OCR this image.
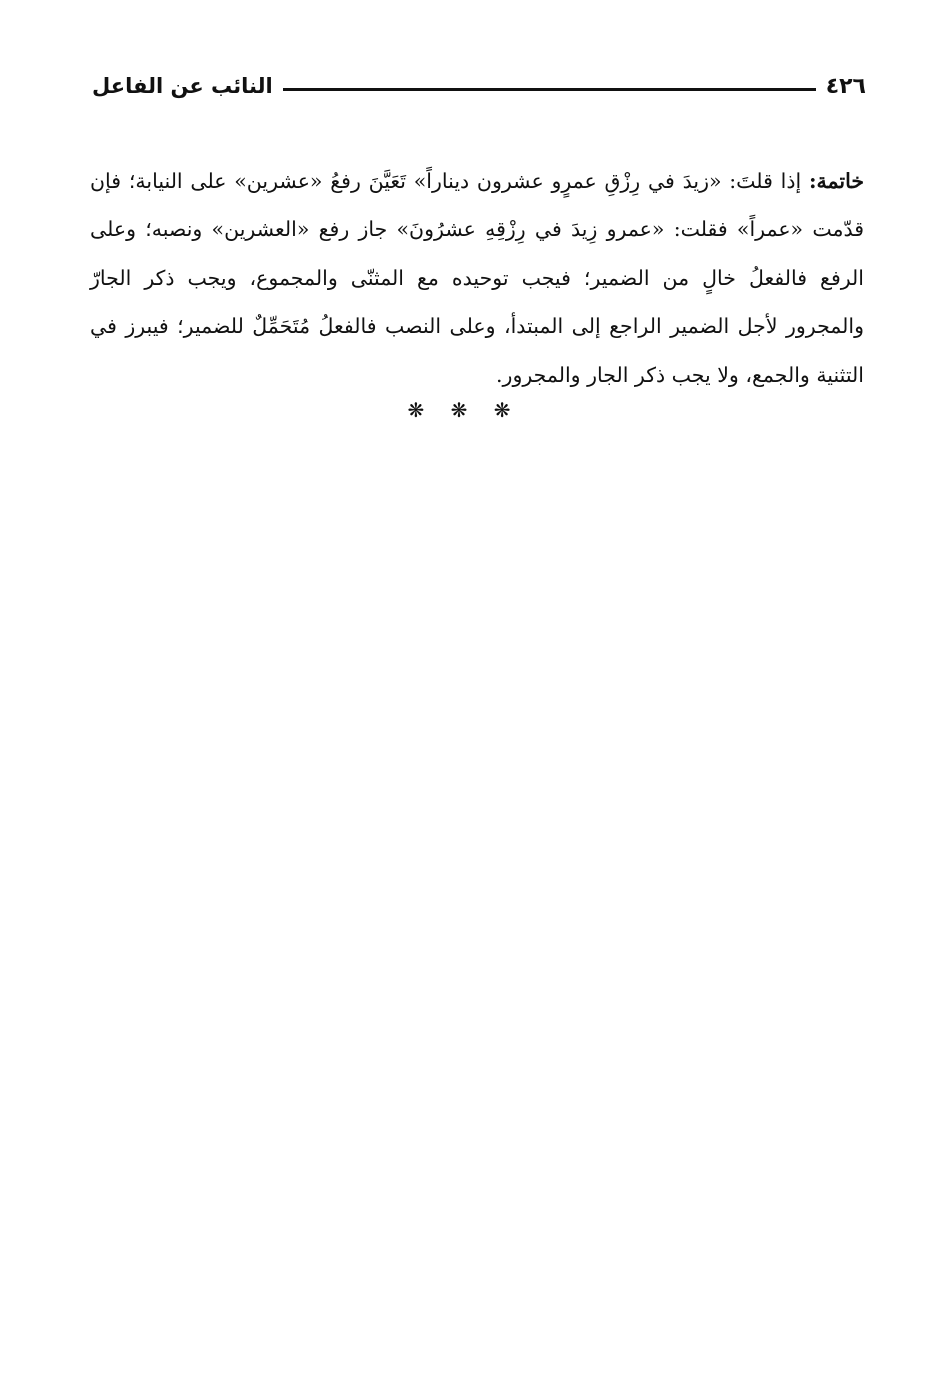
٤٢٦
النائب عن الفاعل

خاتمة: إذا قلتَ: «زيدَ في رِزْقِ عمرٍو عشرون ديناراً» تَعَيَّنَ رفعُ «عشرين» على النيابة؛ فإن قدّمت «عمراً» فقلت: «عمرو زِيدَ في رِزْقِهِ عشرُونَ» جاز رفع «العشرين» ونصبه؛ وعلى الرفع فالفعلُ خالٍ من الضمير؛ فيجب توحيده مع المثنّى والمجموع، ويجب ذكر الجارّ والمجرور لأجل الضمير الراجع إلى المبتدأ، وعلى النصب فالفعلُ مُتَحَمِّلٌ للضمير؛ فيبرز في التثنية والجمع، ولا يجب ذكر الجار والمجرور.

❋ ❋ ❋
